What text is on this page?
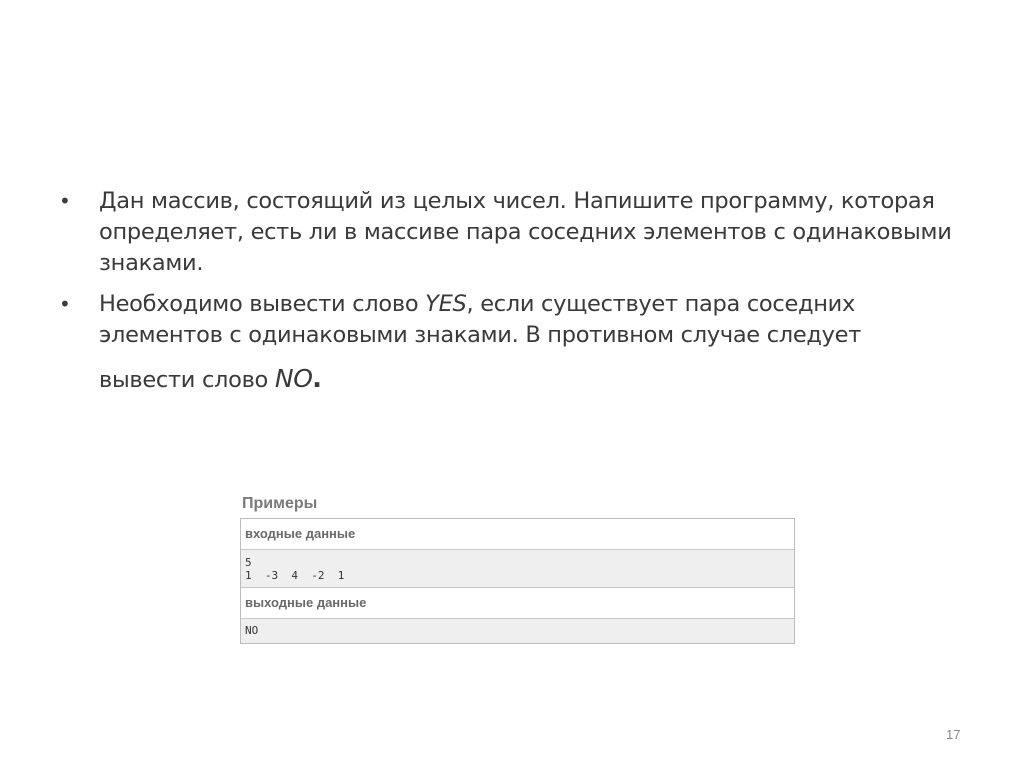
• Дан массив, состоящий из целых чисел. Напишите программу, которая определяет, есть ли в массиве пара соседних элементов с одинаковыми знаками.
• Необходимо вывести слово YES, если существует пара соседних элементов с одинаковыми знаками. В противном случае следует
вывести слово NO.
Примеры
входные данные
5
1  -3  4  -2  1
выходные данные
NO
17
